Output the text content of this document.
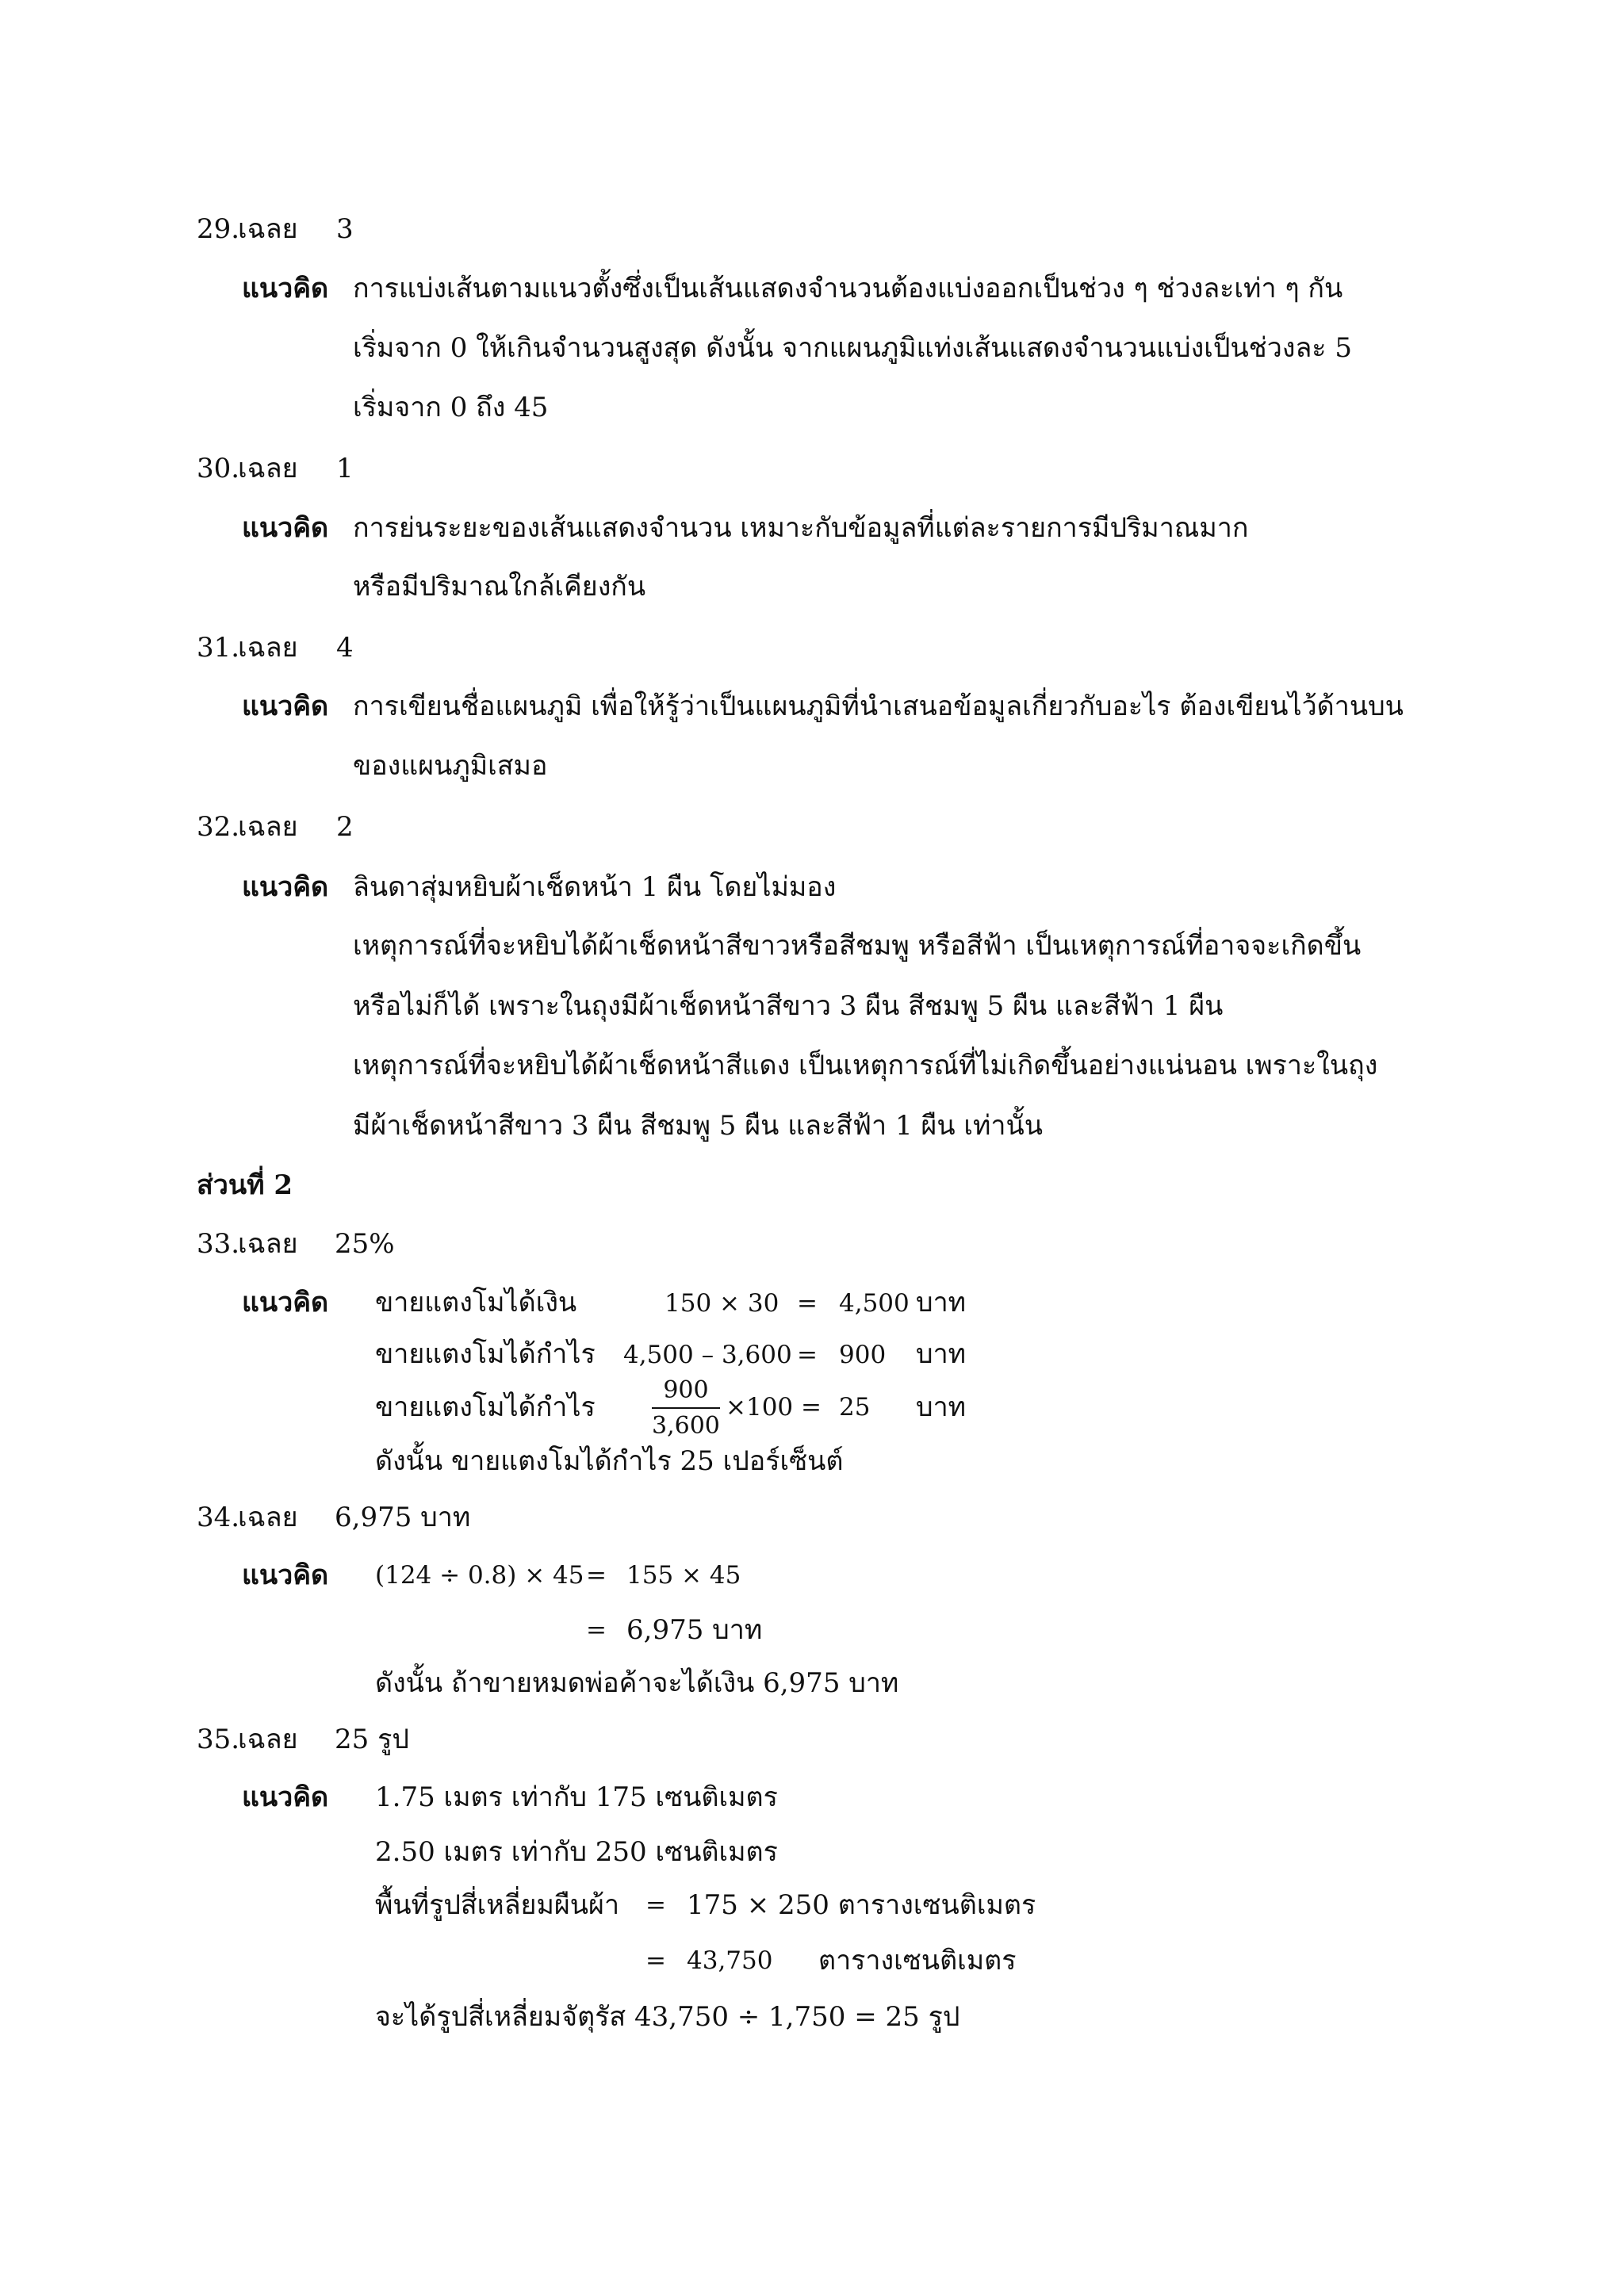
29.
เฉลย 3
แนวคิด การแบ่งเส้นตามแนวตั้งซึ่งเป็นเส้นแสดงจำนวนต้องแบ่งออกเป็นช่วง ๆ ช่วงละเท่า ๆ กัน
เริ่มจาก 0 ให้เกินจำนวนสูงสุด ดังนั้น จากแผนภูมิแท่งเส้นแสดงจำนวนแบ่งเป็นช่วงละ 5
เริ่มจาก 0 ถึง 45
30.
เฉลย 1
แนวคิด การย่นระยะของเส้นแสดงจำนวน เหมาะกับข้อมูลที่แต่ละรายการมีปริมาณมาก
หรือมีปริมาณใกล้เคียงกัน
31.
เฉลย 4
แนวคิด การเขียนชื่อแผนภูมิ เพื่อให้รู้ว่าเป็นแผนภูมิที่นำเสนอข้อมูลเกี่ยวกับอะไร ต้องเขียนไว้ด้านบน
ของแผนภูมิเสมอ
32.
เฉลย 2
แนวคิด ลินดาสุ่มหยิบผ้าเช็ดหน้า 1 ผืน โดยไม่มอง
เหตุการณ์ที่จะหยิบได้ผ้าเช็ดหน้าสีขาวหรือสีชมพู หรือสีฟ้า เป็นเหตุการณ์ที่อาจจะเกิดขึ้น
หรือไม่ก็ได้ เพราะในถุงมีผ้าเช็ดหน้าสีขาว 3 ผืน สีชมพู 5 ผืน และสีฟ้า 1 ผืน
เหตุการณ์ที่จะหยิบได้ผ้าเช็ดหน้าสีแดง เป็นเหตุการณ์ที่ไม่เกิดขึ้นอย่างแน่นอน เพราะในถุง
มีผ้าเช็ดหน้าสีขาว 3 ผืน สีชมพู 5 ผืน และสีฟ้า 1 ผืน เท่านั้น
ส่วนที่ 2
33.
เฉลย 25%
แนวคิด ขายแตงโมได้เงิน	150 × 30 = 4,500 บาท
ขายแตงโมได้กำไร 4,500 – 3,600 = 900 บาท
ขายแตงโมได้กำไร $\frac{900}{3,600} \times 100 = 25$ บาท
ดังนั้น ขายแตงโมได้กำไร 25 เปอร์เซ็นต์
34.
เฉลย 6,975 บาท
แนวคิด (124 ÷ 0.8) × 45 = 155 × 45
= 6,975 บาท
ดังนั้น ถ้าขายหมดพ่อค้าจะได้เงิน 6,975 บาท
35.
เฉลย 25 รูป
แนวคิด 1.75 เมตร เท่ากับ 175 เซนติเมตร
2.50 เมตร เท่ากับ 250 เซนติเมตร
พื้นที่รูปสี่เหลี่ยมผืนผ้า = 175 × 250 ตารางเซนติเมตร
= 43,750 ตารางเซนติเมตร
จะได้รูปสี่เหลี่ยมจัตุรัส 43,750 ÷ 1,750 = 25 รูป
